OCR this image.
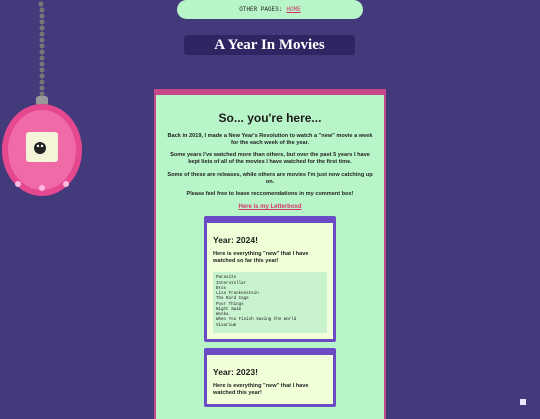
OTHER PAGES: HOME
A Year In Movies
So... you're here...

Back in 2019, I made a New Year's Resolution to watch a "new" movie a week for the each week of the year.

Some years I've watched more than others, but over the past 5 years I have kept lists of all of the movies I have watched for the first time.

Some of these are releases, while others are movies I'm just now catching up on.

Please feel free to leave reccomendations in my comment box!

Here is my Letterboxd
Year: 2024!
Here is everything "new" that I have watched so far this year!
Parasite
Interstellar
Brox
Lisa Frankenstein
The Bird Cage
Poor Things
Night Swim
Wonka
When You Finish Saving the World
Vivarium
Year: 2023!
Here is everything "new" that I have watched this year!
